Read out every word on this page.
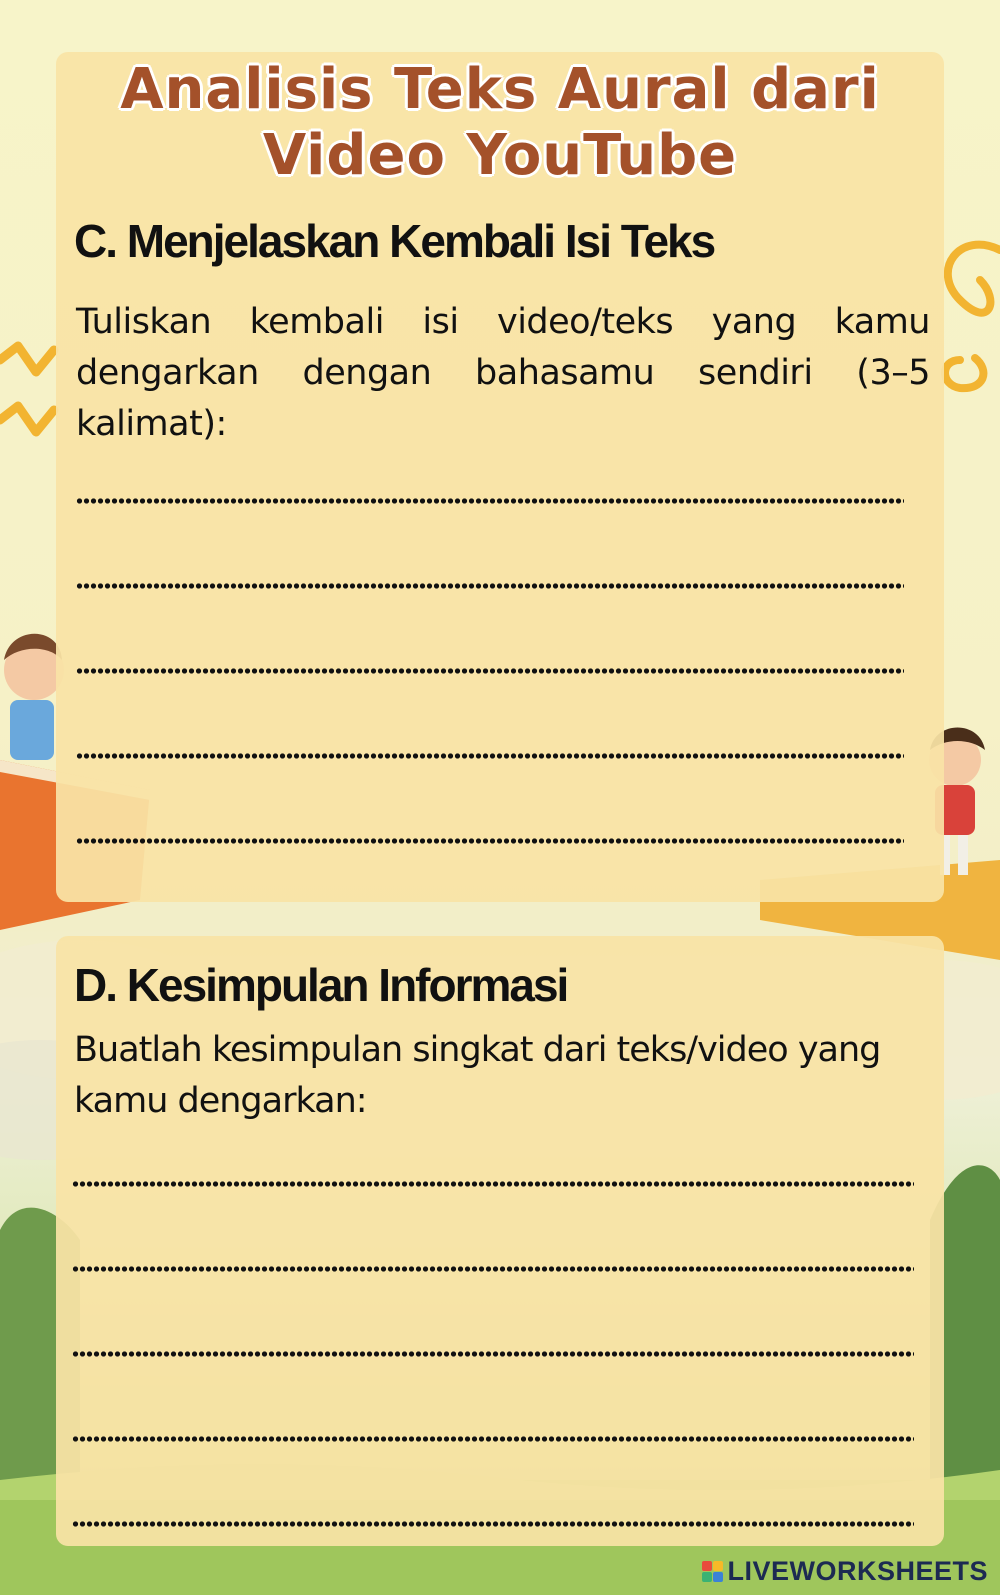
Analisis Teks Aural dari
Video YouTube
C. Menjelaskan Kembali Isi Teks

Tuliskan kembali isi video/teks yang kamu dengarkan dengan bahasamu sendiri (3–5 kalimat):

D. Kesimpulan Informasi

Buatlah kesimpulan singkat dari teks/video yang kamu dengarkan:

LIVEWORKSHEETS
